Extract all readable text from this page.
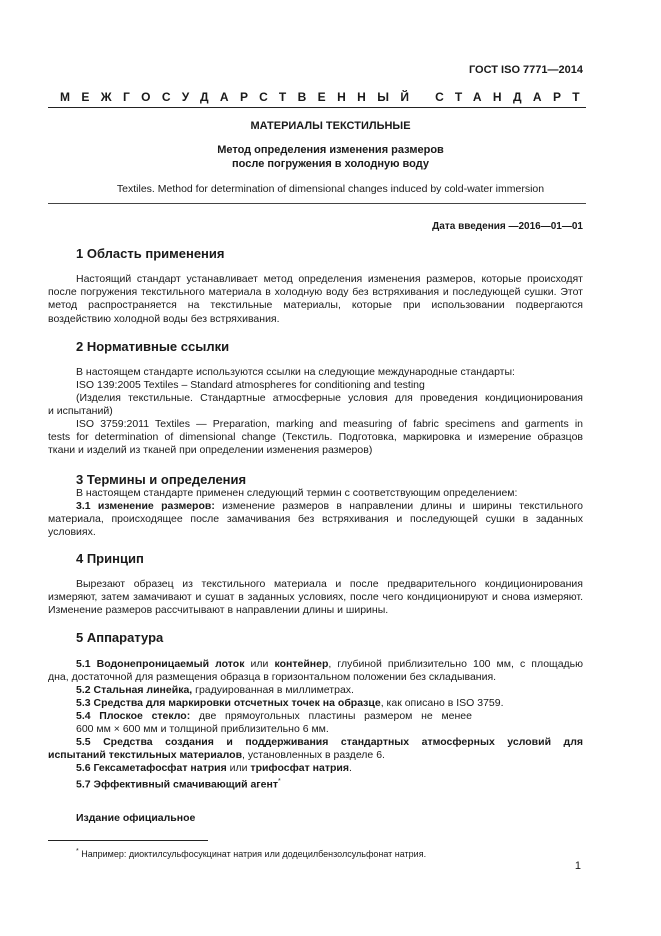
ГОСТ ISO 7771—2014
МЕЖГОСУДАРСТВЕННЫЙ СТАНДАРТ
МАТЕРИАЛЫ ТЕКСТИЛЬНЫЕ
Метод определения изменения размеров
после погружения в холодную воду
Textiles. Method for determination of dimensional changes induced by cold-water immersion
Дата введения —2016—01—01
1 Область применения

Настоящий стандарт устанавливает метод определения изменения размеров, которые происходят после погружения текстильного материала в холодную воду без встряхивания и последующей сушки. Этот метод распространяется на текстильные материалы, которые при использовании подвергаются воздействию холодной воды без встряхивания.

2 Нормативные ссылки
В настоящем стандарте используются ссылки на следующие международные стандарты:
ISO 139:2005 Textiles – Standard atmospheres for conditioning and testing
(Изделия текстильные. Стандартные атмосферные условия для проведения кондиционирования
и испытаний)
ISO 3759:2011 Textiles — Preparation, marking and measuring of fabric specimens and garments in
tests for determination of dimensional change (Текстиль. Подготовка, маркировка и измерение образцов
ткани и изделий из тканей при определении изменения размеров)
3 Термины и определения
В настоящем стандарте применен следующий термин с соответствующим определением:
3.1 изменение размеров: изменение размеров в направлении длины и ширины текстильного
материала, происходящее после замачивания без встряхивания и последующей сушки в заданных
условиях.
4 Принцип

Вырезают образец из текстильного материала и после предварительного кондиционирования измеряют, затем замачивают и сушат в заданных условиях, после чего кондиционируют и снова измеряют. Изменение размеров рассчитывают в направлении длины и ширины.

5 Аппаратура
5.1 Водонепроницаемый лоток или контейнер, глубиной приблизительно 100 мм, с площадью
дна, достаточной для размещения образца в горизонтальном положении без складывания.
5.2 Стальная линейка, градуированная в миллиметрах.
5.3 Средства для маркировки отсчетных точек на образце, как описано в ISO 3759.
5.4 Плоское стекло: две прямоугольных пластины размером не менее
600 мм × 600 мм и толщиной приблизительно 6 мм.
5.5 Средства создания и поддерживания стандартных атмосферных условий для
испытаний текстильных материалов, установленных в разделе 6.
5.6 Гексаметафосфат натрия или трифосфат натрия.
5.7 Эффективный смачивающий агент*
Издание официальное
* Например: диоктилсульфосукцинат натрия или додецилбензолсульфонат натрия.
1
